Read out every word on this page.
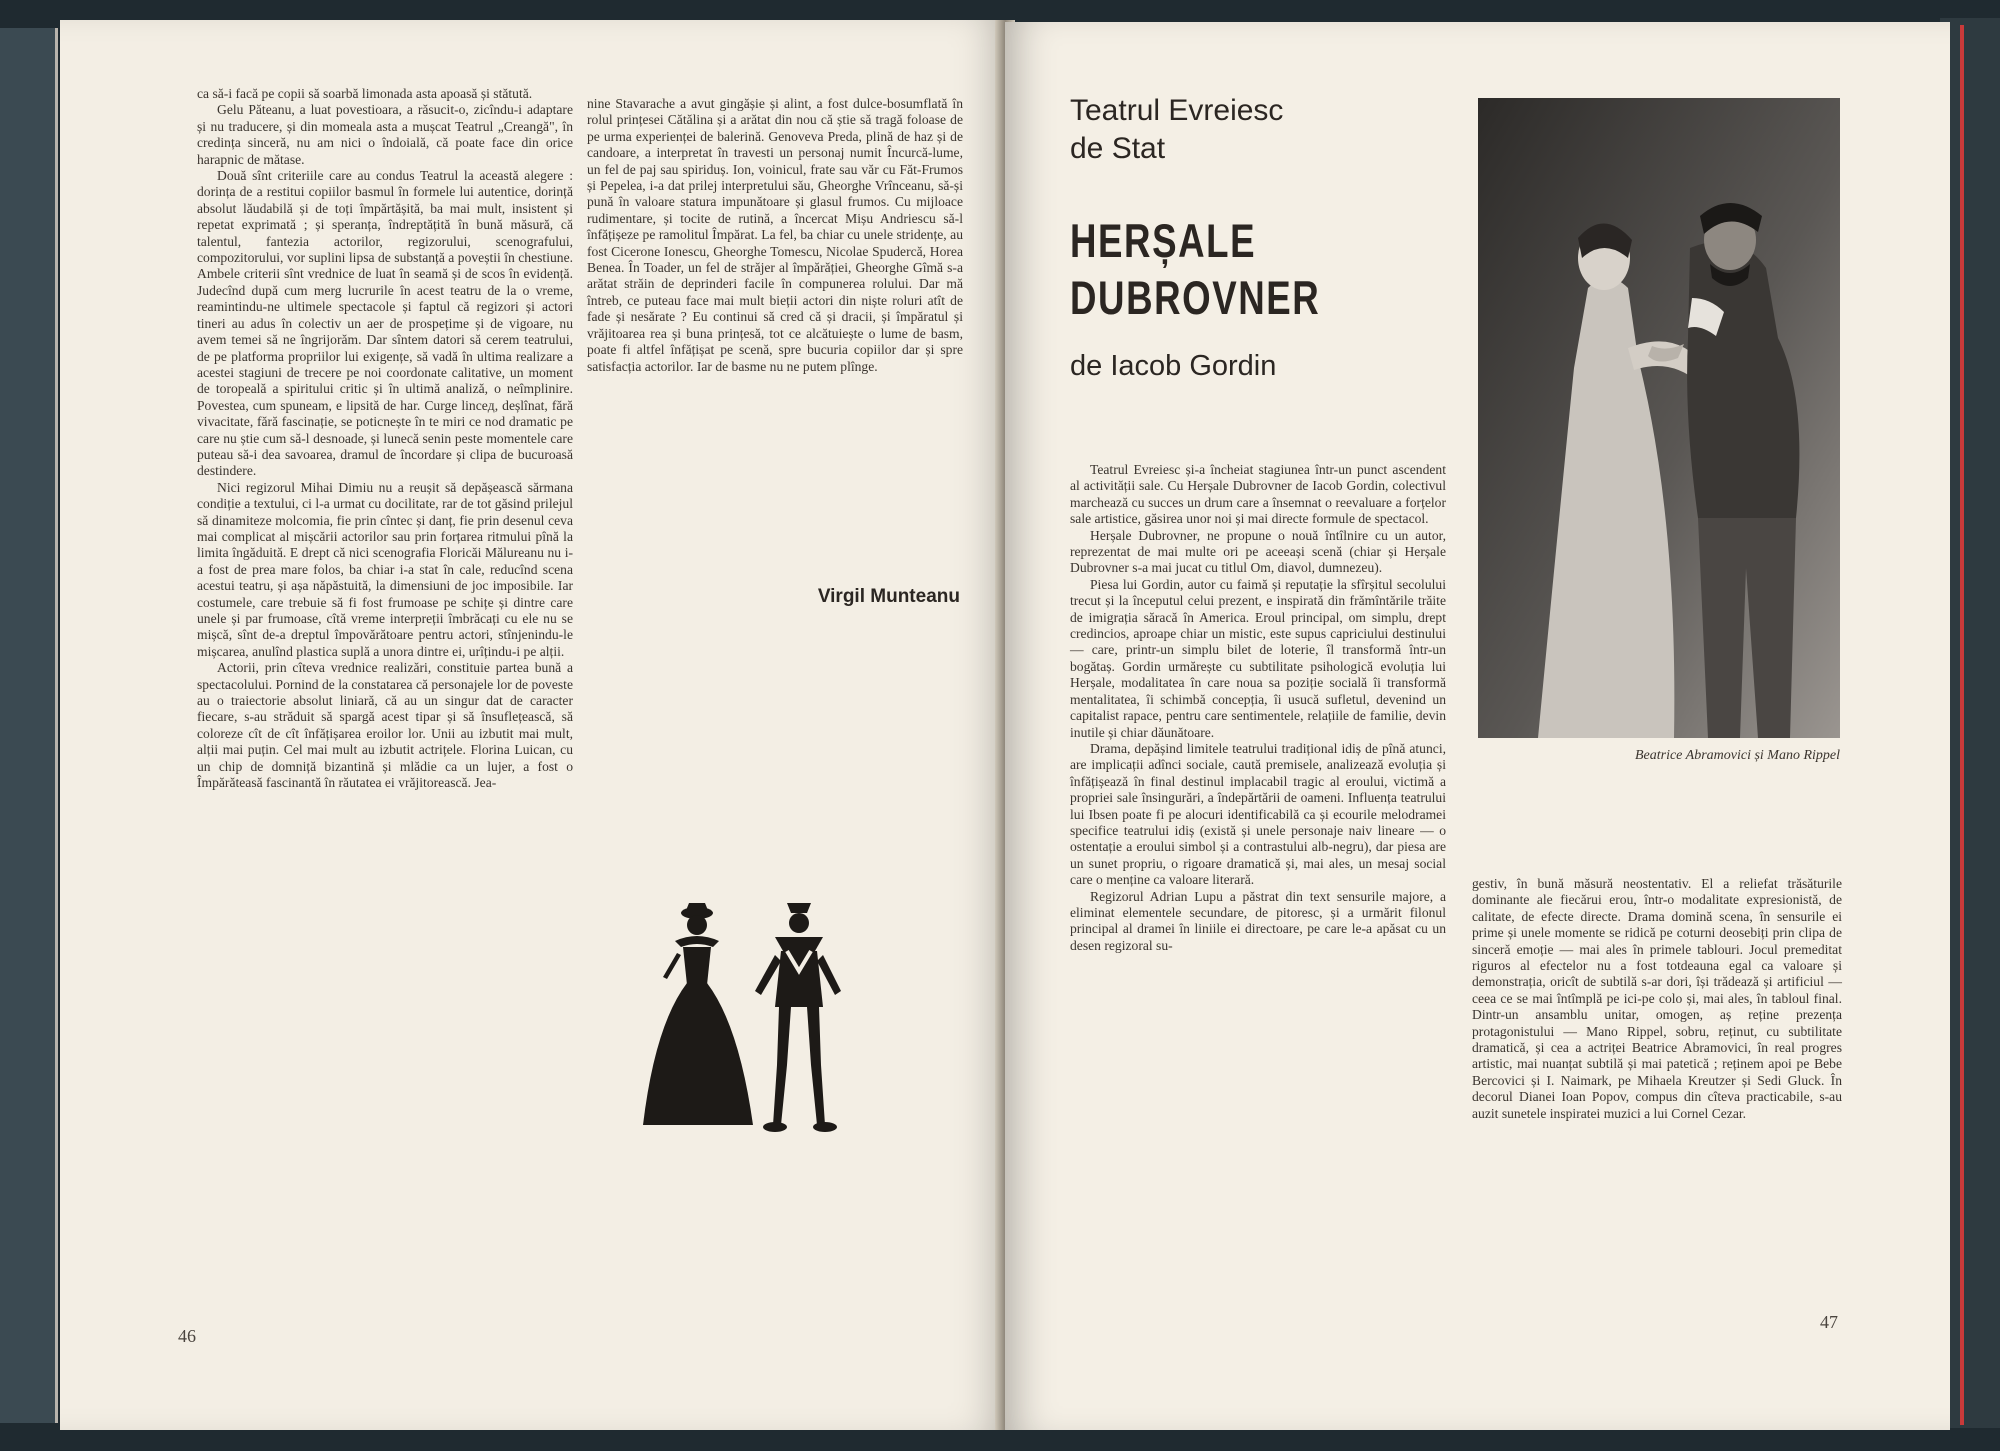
ca să-i facă pe copii să soarbă limonada asta apoasă și stătută.

Gelu Păteanu, a luat povestioara, a răsucit-o, zicîndu-i adaptare și nu traducere, și din momeala asta a mușcat Teatrul „Creangă", în credința sinceră, nu am nici o îndoială, că poate face din orice harapnic de mătase.

Două sînt criteriile care au condus Teatrul la această alegere : dorința de a restitui copiilor basmul în formele lui autentice, dorință absolut lăudabilă și de toți împărtășită, ba mai mult, insistent și repetat exprimată ; și speranța, îndreptățită în bună măsură, că talentul, fantezia actorilor, regizorului, scenografului, compozitorului, vor suplini lipsa de substanță a poveștii în chestiune. Ambele criterii sînt vrednice de luat în seamă și de scos în evidență. Judecînd după cum merg lucrurile în acest teatru de la o vreme, reamintindu-ne ultimele spectacole și faptul că regizori și actori tineri au adus în colectiv un aer de prospețime și de vigoare, nu avem temei să ne îngrijorăm. Dar sîntem datori să cerem teatrului, de pe platforma propriilor lui exigențe, să vadă în ultima realizare a acestei stagiuni de trecere pe noi coordonate calitative, un moment de toropeală a spiritului critic și în ultimă analiză, o neîmplinire. Povestea, cum spuneam, e lipsită de har. Curge linceд, deșlînat, fără vivacitate, fără fascinație, se poticnește în te miri ce nod dramatic pe care nu știe cum să-l desnoade, și lunecă senin peste momentele care puteau să-i dea savoarea, dramul de încordare și clipa de bucuroasă destindere.

Nici regizorul Mihai Dimiu nu a reușit să depășească sărmana condiție a textului, ci l-a urmat cu docilitate, rar de tot găsind prilejul să dinamiteze molcomia, fie prin cîntec și danț, fie prin desenul ceva mai complicat al mișcării actorilor sau prin forțarea ritmului pînă la limita îngăduită. E drept că nici scenografia Floricăi Mălureanu nu i-a fost de prea mare folos, ba chiar i-a stat în cale, reducînd scena acestui teatru, și așa năpăstuită, la dimensiuni de joc imposibile. Iar costumele, care trebuie să fi fost frumoase pe schițe și dintre care unele și par frumoase, cîtă vreme interpreții îmbrăcați cu ele nu se mișcă, sînt de-a dreptul împovărătoare pentru actori, stînjenindu-le mișcarea, anulînd plastica suplă a unora dintre ei, urîțindu-i pe alții.

Actorii, prin cîteva vrednice realizări, constituie partea bună a spectacolului. Pornind de la constatarea că personajele lor de poveste au o traiectorie absolut liniară, că au un singur dat de caracter fiecare, s-au străduit să spargă acest tipar și să însuflețească, să coloreze cît de cît înfățișarea eroilor lor. Unii au izbutit mai mult, alții mai puțin. Cel mai mult au izbutit actrițele. Florina Luican, cu un chip de domniță bizantină și mlădie ca un lujer, a fost o Împărăteasă fascinantă în răutatea ei vrăjitorească. Jea-

nine Stavarache a avut gingășie și alint, a fost dulce-bosumflată în rolul prințesei Cătălina și a arătat din nou că știe să tragă foloase de pe urma experienței de balerină. Genoveva Preda, plină de haz și de candoare, a interpretat în travesti un personaj numit Încurcă-lume, un fel de paj sau spiriduș. Ion, voinicul, frate sau văr cu Făt-Frumos și Pepelea, i-a dat prilej interpretului său, Gheorghe Vrînceanu, să-și pună în valoare statura impunătoare și glasul frumos. Cu mijloace rudimentare, și tocite de rutină, a încercat Mișu Andriescu să-l înfățișeze pe ramolitul Împărat. La fel, ba chiar cu unele stridențe, au fost Cicerone Ionescu, Gheorghe Tomescu, Nicolae Spudercă, Horea Benea. În Toader, un fel de străjer al împărăției, Gheorghe Gîmă s-a arătat străin de deprinderi facile în compunerea rolului. Dar mă întreb, ce puteau face mai mult bieții actori din niște roluri atît de fade și nesărate ? Eu continui să cred că și dracii, și împăratul și vrăjitoarea rea și buna prințesă, tot ce alcătuiește o lume de basm, poate fi altfel înfățișat pe scenă, spre bucuria copiilor dar și spre satisfacția actorilor. Iar de basme nu ne putem plînge.

Virgil Munteanu
46
47
Teatrul Evreiesc
de Stat
HERȘALE
DUBROVNER
de Iacob Gordin

Teatrul Evreiesc și-a încheiat stagiunea într-un punct ascendent al activității sale. Cu Herșale Dubrovner de Iacob Gordin, colectivul marchează cu succes un drum care a însemnat o reevaluare a forțelor sale artistice, găsirea unor noi și mai directe formule de spectacol.

Herșale Dubrovner, ne propune o nouă întîlnire cu un autor, reprezentat de mai multe ori pe aceeași scenă (chiar și Herșale Dubrovner s-a mai jucat cu titlul Om, diavol, dumnezeu).

Piesa lui Gordin, autor cu faimă și reputație la sfîrșitul secolului trecut și la începutul celui prezent, e inspirată din frămîntările trăite de imigrația săracă în America. Eroul principal, om simplu, drept credincios, aproape chiar un mistic, este supus capriciului destinului — care, printr-un simplu bilet de loterie, îl transformă într-un bogătaș. Gordin urmărește cu subtilitate psihologică evoluția lui Herșale, modalitatea în care noua sa poziție socială îi transformă mentalitatea, îi schimbă concepția, îi usucă sufletul, devenind un capitalist rapace, pentru care sentimentele, relațiile de familie, devin inutile și chiar dăunătoare.

Drama, depășind limitele teatrului tradițional idiș de pînă atunci, are implicații adînci sociale, caută premisele, analizează evoluția și înfățișează în final destinul implacabil tragic al eroului, victimă a propriei sale însingurări, a îndepărtării de oameni. Influența teatrului lui Ibsen poate fi pe alocuri identificabilă ca și ecourile melodramei specifice teatrului idiș (există și unele personaje naiv lineare — o ostentație a eroului simbol și a contrastului alb-negru), dar piesa are un sunet propriu, o rigoare dramatică și, mai ales, un mesaj social care o menține ca valoare literară.

Regizorul Adrian Lupu a păstrat din text sensurile majore, a eliminat elementele secundare, de pitoresc, și a urmărit filonul principal al dramei în liniile ei directoare, pe care le-a apăsat cu un desen regizoral su-

Beatrice Abramovici și Mano Rippel

gestiv, în bună măsură neostentativ. El a reliefat trăsăturile dominante ale fiecărui erou, într-o modalitate expresionistă, de calitate, de efecte directe. Drama domină scena, în sensurile ei prime și unele momente se ridică pe coturni deosebiți prin clipa de sinceră emoție — mai ales în primele tablouri. Jocul premeditat riguros al efectelor nu a fost totdeauna egal ca valoare și demonstrația, oricît de subtilă s-ar dori, își trădează și artificiul — ceea ce se mai întîmplă pe ici-pe colo și, mai ales, în tabloul final. Dintr-un ansamblu unitar, omogen, aș reține prezența protagonistului — Mano Rippel, sobru, reținut, cu subtilitate dramatică, și cea a actriței Beatrice Abramovici, în real progres artistic, mai nuanțat subtilă și mai patetică ; reținem apoi pe Bebe Bercovici și I. Naimark, pe Mihaela Kreutzer și Sedi Gluck. În decorul Dianei Ioan Popov, compus din cîteva practicabile, s-au auzit sunetele inspiratei muzici a lui Cornel Cezar.
